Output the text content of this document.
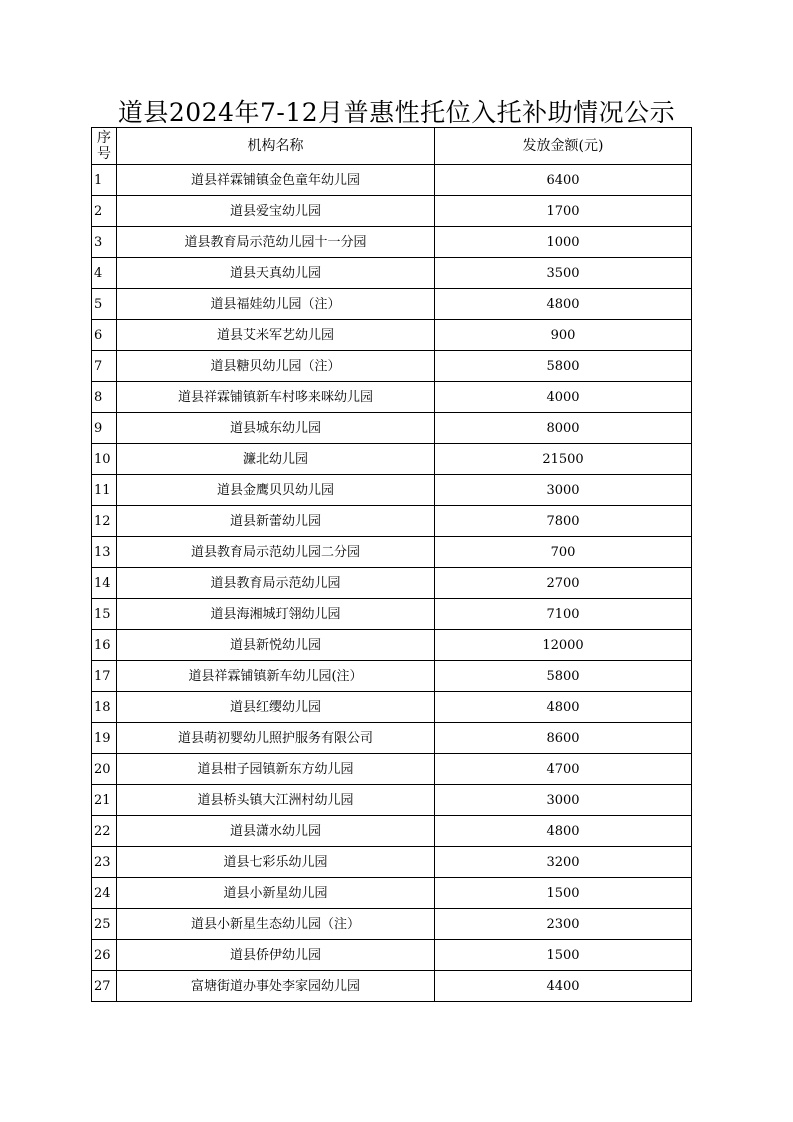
道县2024年7-12月普惠性托位入托补助情况公示
序号	机构名称	发放金额(元)
1	道县祥霖铺镇金色童年幼儿园	6400
2	道县爱宝幼儿园	1700
3	道县教育局示范幼儿园十一分园	1000
4	道县天真幼儿园	3500
5	道县福娃幼儿园（注）	4800
6	道县艾米军艺幼儿园	900
7	道县糖贝幼儿园（注）	5800
8	道县祥霖铺镇新车村哆来咪幼儿园	4000
9	道县城东幼儿园	8000
10	濂北幼儿园	21500
11	道县金鹰贝贝幼儿园	3000
12	道县新蕾幼儿园	7800
13	道县教育局示范幼儿园二分园	700
14	道县教育局示范幼儿园	2700
15	道县海湘城玎翎幼儿园	7100
16	道县新悦幼儿园	12000
17	道县祥霖铺镇新车幼儿园(注）	5800
18	道县红缨幼儿园	4800
19	道县萌初婴幼儿照护服务有限公司	8600
20	道县柑子园镇新东方幼儿园	4700
21	道县桥头镇大江洲村幼儿园	3000
22	道县潇水幼儿园	4800
23	道县七彩乐幼儿园	3200
24	道县小新星幼儿园	1500
25	道县小新星生态幼儿园（注）	2300
26	道县侨伊幼儿园	1500
27	富塘街道办事处李家园幼儿园	4400
